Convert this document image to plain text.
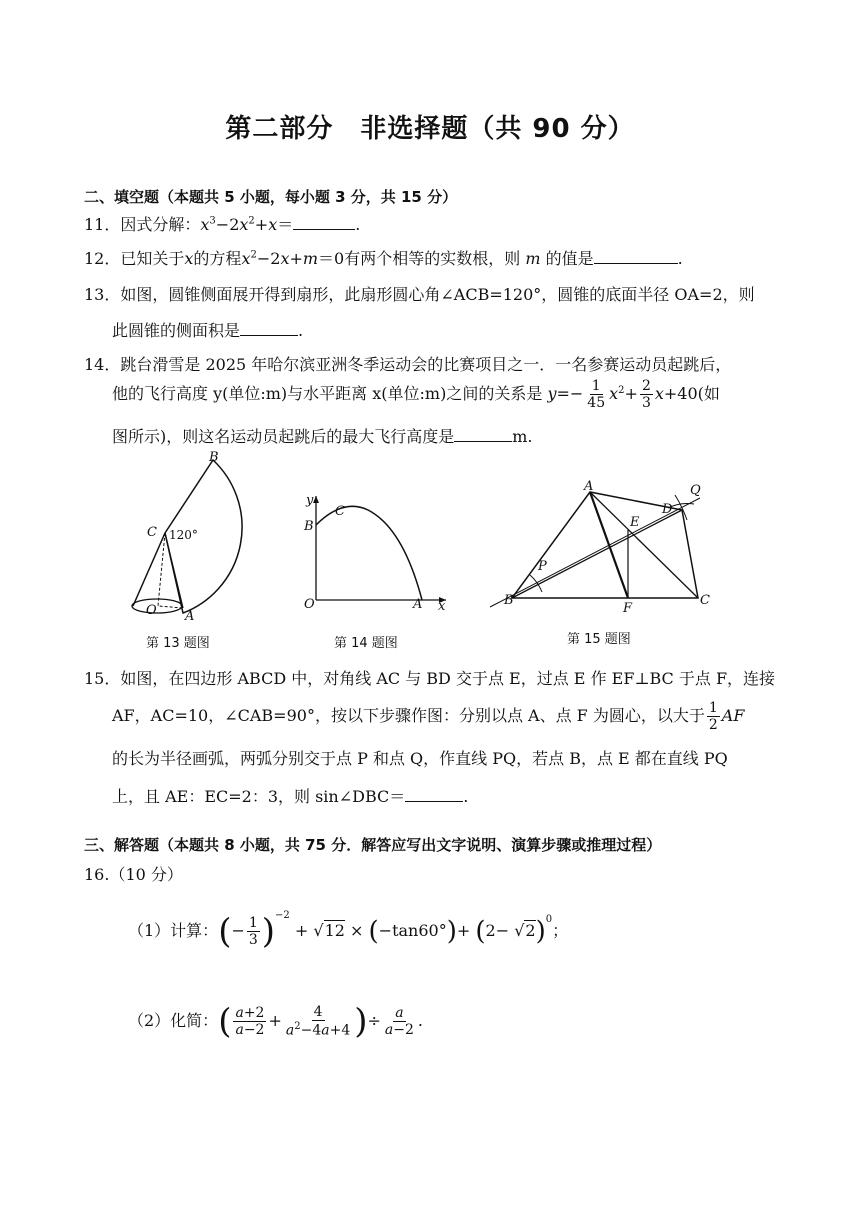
第二部分　非选择题（共 90 分）
二、填空题（本题共 5 小题，每小题 3 分，共 15 分）
11．因式分解：$x^3-2x^2+x=$	.
12．已知关于x的方程$x^2-2x+m=0$有两个相等的实数根，则 m 的值是	.
13．如图，圆锥侧面展开得到扇形，此扇形圆心角∠ACB=120°，圆锥的底面半径 OA=2，则
此圆锥的侧面积是	.
14．跳台滑雪是 2025 年哈尔滨亚洲冬季运动会的比赛项目之一．一名参赛运动员起跳后，
他的飞行高度 y(单位:m)与水平距离 x(单位:m)之间的关系是 $y=- \frac{1}{45} x^2+ \frac{2}{3} x+40$(如
图所示)，则这名运动员起跳后的最大飞行高度是	m.
B
C 120°
O A
第 13 题图
y
C
B
O	A x
第 14 题图
A	Q
D
E
P
B
F
C
第 15 题图
15．如图，在四边形 ABCD 中，对角线 AC 与 BD 交于点 E，过点 E 作 EF⊥BC 于点 F，连接
AF，AC=10，∠CAB=90°，按以下步骤作图：分别以点 A、点 F 为圆心，以大于 $\frac{1}{2}$ AF
的长为半径画弧，两弧分别交于点 P 和点 Q，作直线 PQ，若点 B，点 E 都在直线 PQ
上，且 AE：EC=2：3，则 sin∠DBC＝	.
三、解答题（本题共 8 小题，共 75 分．解答应写出文字说明、演算步骤或推理过程）
16.（10 分）
（1）计算：(− $\frac{1}{3} )^{-2} + √12 \times (-\tan 60^\circ)+ (2- √2)^0$；
（2）化简：( $\frac{a+2}{a-2} + \frac{4}{a^2-4a+4}$ )÷ $\frac{a}{a-2}$ .
